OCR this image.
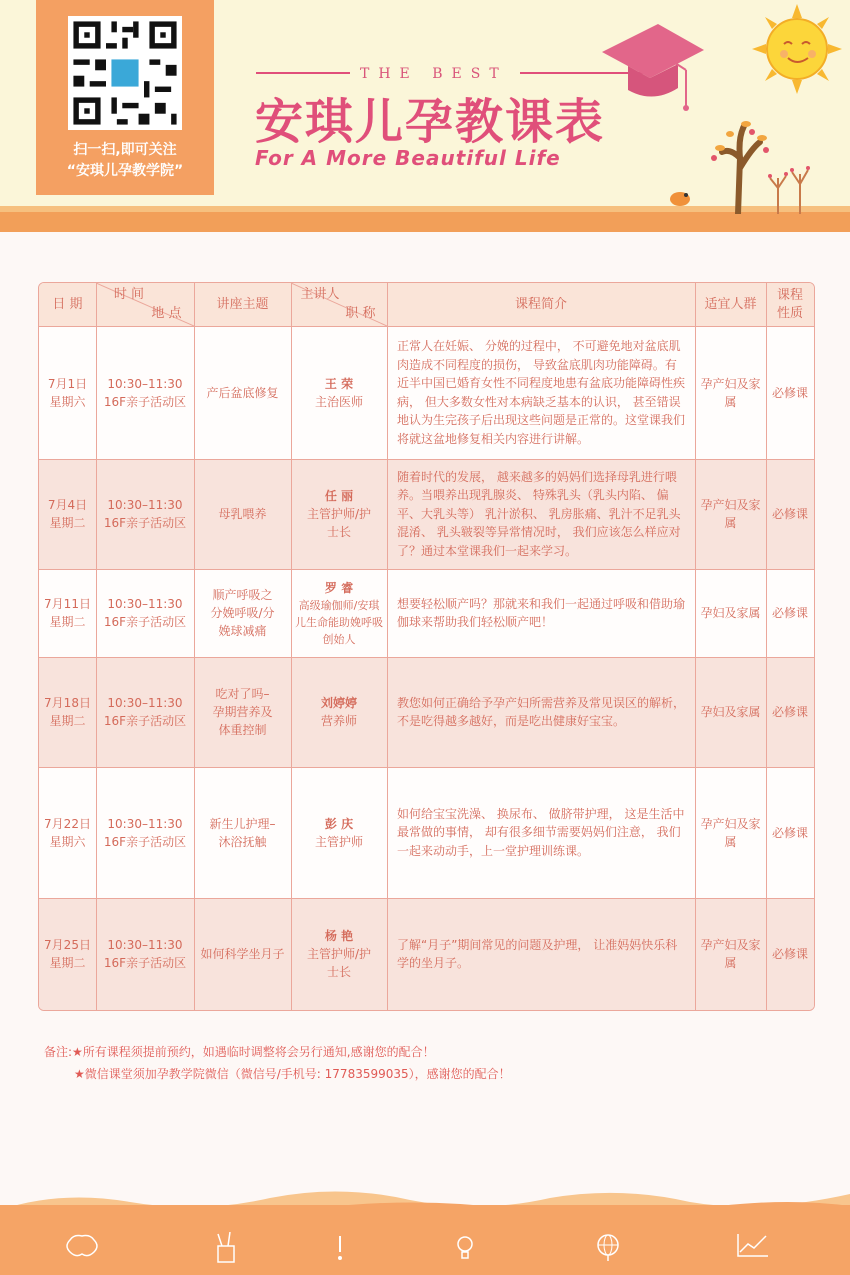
扫一扫,即可关注
“安琪儿孕教学院”
THE BEST
安琪儿孕教课表
For A More Beautiful Life
日 期
时 间
地 点
讲座主题
主讲人
职 称
课程简介	适宜人群
课程
性质
7月1日
星期六
10:30–11:30
16F亲子活动区
产后盆底修复
王 荣
主治医师
正常人在妊娠、 分娩的过程中， 不可避免地对盆底肌肉造成不同程度的损伤， 导致盆底肌肉功能障碍。有近半中国已婚育女性不同程度地患有盆底功能障碍性疾病， 但大多数女性对本病缺乏基本的认识， 甚至错误地认为生完孩子后出现这些问题是正常的。这堂课我们将就这盆地修复相关内容进行讲解。
孕产妇及家属
必修课
7月4日
星期二
10:30–11:30
16F亲子活动区
母乳喂养
任 丽
主管护师/护士长
随着时代的发展， 越来越多的妈妈们选择母乳进行喂养。当喂养出现乳腺炎、 特殊乳头（乳头内陷、 偏平、大乳头等） 乳汁淤积、 乳房胀痛、乳汁不足乳头混淆、 乳头皲裂等异常情况时， 我们应该怎么样应对了？通过本堂课我们一起来学习。
孕产妇及家属
必修课
7月11日
星期二
10:30–11:30
16F亲子活动区
顺产呼吸之分娩呼吸/分娩球减痛
罗 睿
高级瑜伽师/安琪儿生命能助娩呼吸创始人
想要轻松顺产吗？那就来和我们一起通过呼吸和借助瑜伽球来帮助我们轻松顺产吧！
孕妇及家属 必修课
7月18日
星期二
10:30–11:30
16F亲子活动区
吃对了吗–孕期营养及体重控制
刘婷婷
营养师
教您如何正确给予孕产妇所需营养及常见误区的解析，不是吃得越多越好，而是吃出健康好宝宝。
孕妇及家属 必修课
7月22日
星期六
10:30–11:30
16F亲子活动区
新生儿护理–沐浴抚触
彭 庆
主管护师
如何给宝宝洗澡、 换尿布、 做脐带护理， 这是生活中最常做的事情， 却有很多细节需要妈妈们注意， 我们一起来动动手，上一堂护理训练课。
孕产妇及家属
必修课
7月25日
星期二
10:30–11:30
16F亲子活动区
如何科学坐月子
杨 艳
主管护师/护士长
了解“月子”期间常见的问题及护理， 让准妈妈快乐科学的坐月子。
孕产妇及家属
必修课
备注:★所有课程须提前预约，如遇临时调整将会另行通知,感谢您的配合！
★微信课堂须加孕教学院微信（微信号/手机号: 17783599035），感谢您的配合！
